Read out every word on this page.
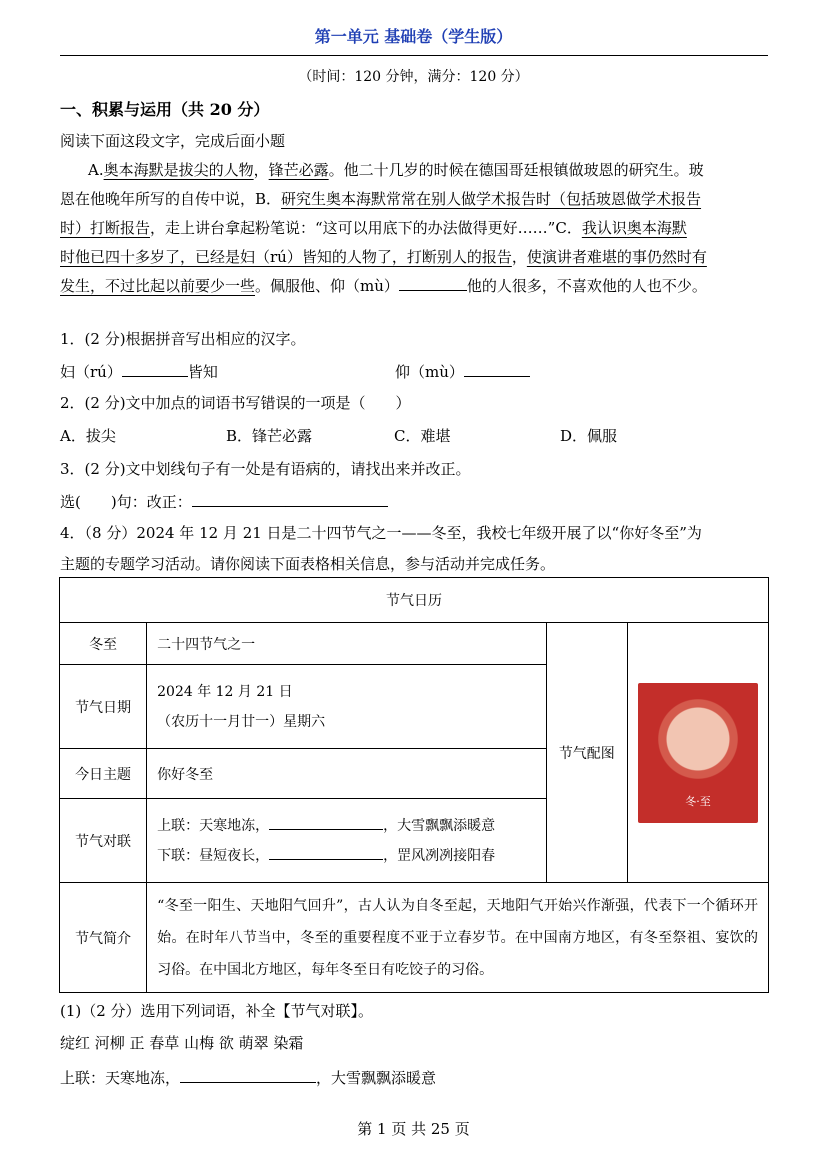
第一单元 基础卷（学生版）
（时间：120 分钟，满分：120 分）
一、积累与运用（共 20 分）
阅读下面这段文字，完成后面小题

A.奥本海默是拔尖的人物，锋芒必露。他二十几岁的时候在德国哥廷根镇做玻恩的研究生。玻

恩在他晚年所写的自传中说，B．研究生奥本海默常常在别人做学术报告时（包括玻恩做学术报告

时）打断报告，走上讲台拿起粉笔说：“这可以用底下的办法做得更好……”C．我认识奥本海默

时他已四十多岁了，已经是妇（rú）皆知的人物了，打断别人的报告，使演讲者难堪的事仍然时有

发生，不过比起以前要少一些。佩服他、仰（mù）	他的人很多，不喜欢他的人也不少。

1．(2 分)根据拼音写出相应的汉字。
妇（rú）	皆知	仰（mù）
2．(2 分)文中加点的词语书写错误的一项是（　　）
A．拔尖	B．锋芒必露	C．难堪	D．佩服
3．(2 分)文中划线句子有一处是有语病的，请找出来并改正。
选(　　)句：改正：
4．（8 分）2024 年 12 月 21 日是二十四节气之一——冬至，我校七年级开展了以“你好冬至”为
主题的专题学习活动。请你阅读下面表格相关信息，参与活动并完成任务。
节气日历			
冬至	二十四节气之一	节气配图	冬·至

节气日期	2024 年 12 月 21 日
（农历十一月廿一）星期六		

今日主题	你好冬至		
节气对联	上联：天寒地冻， ，大雪飘飘添暖意
下联：昼短夜长， ，罡风冽冽接阳春		

节气简介	“冬至一阳生、天地阳气回升”，古人认为自冬至起，天地阳气开始兴作渐强，代表下一个循环开始。在时年八节当中，冬至的重要程度不亚于立春岁节。在中国南方地区，有冬至祭祖、宴饮的习俗。在中国北方地区，每年冬至日有吃饺子的习俗。		
(1)（2 分）选用下列词语，补全【节气对联】。
绽红 河柳 正 春草 山梅 欲 萌翠 染霜
上联：天寒地冻，	，大雪飘飘添暖意
第 1 页 共 25 页
